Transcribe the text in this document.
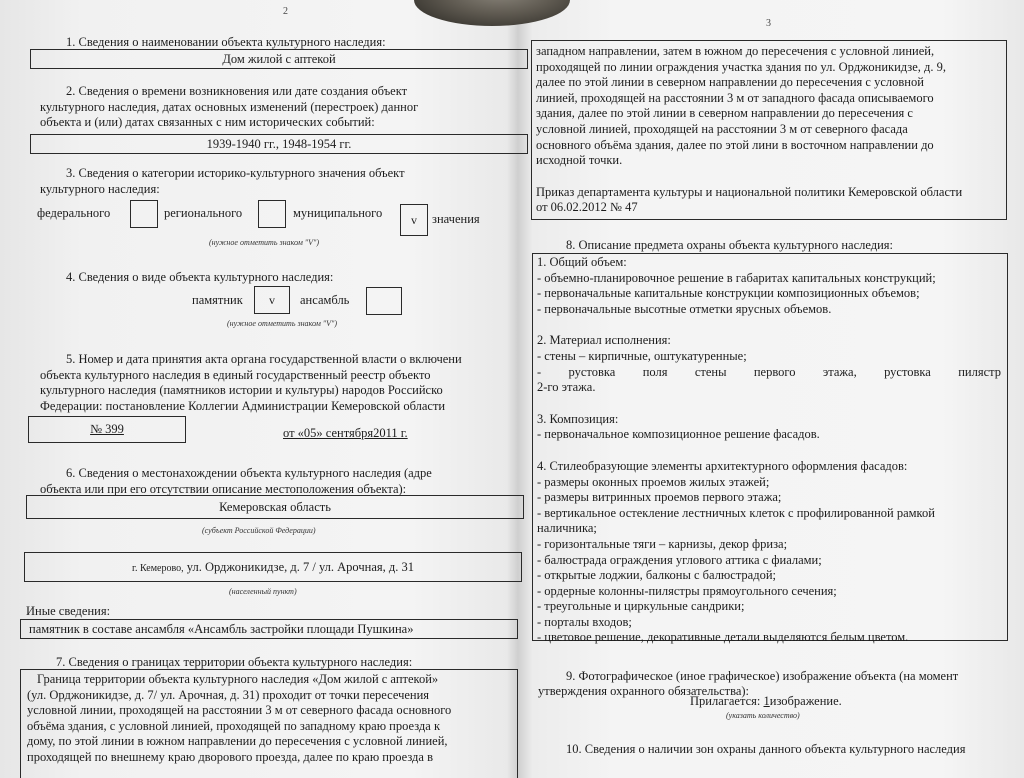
2
1. Сведения о наименовании объекта культурного наследия:
Дом жилой с аптекой
2. Сведения о времени возникновения или дате создания объект
культурного наследия, датах основных изменений (перестроек) данног
объекта и (или) датах связанных с ним исторических событий:
1939-1940 гг., 1948-1954 гг.
3. Сведения о категории историко-культурного значения объект
культурного наследия:
федерального	регионального	муниципального	v	значения
(нужное отметить знаком "V")
4. Сведения о виде объекта культурного наследия:
памятник	v	ансамбль
(нужное отметить знаком "V")
5. Номер и дата принятия акта органа государственной власти о включени
объекта культурного наследия в единый государственный реестр объекто
культурного наследия (памятников истории и культуры) народов Российско
Федерации: постановление Коллегии Администрации Кемеровской области
№ 399	от «05» сентября2011 г.
6. Сведения о местонахождении объекта культурного наследия (адре
объекта или при его отсутствии описание местоположения объекта):
Кемеровская область
(субъект Российской Федерации)
г. Кемерово, ул. Орджоникидзе, д. 7 / ул. Арочная, д. 31
(населенный пункт)
Иные сведения:
памятник в составе ансамбля «Ансамбль застройки площади Пушкина»
7. Сведения о границах территории объекта культурного наследия:
Граница территории объекта культурного наследия «Дом жилой с аптекой»
(ул. Орджоникидзе, д. 7/ ул. Арочная, д. 31) проходит от точки пересечения
условной линии, проходящей на расстоянии 3 м от северного фасада основного
объёма здания, с условной линией, проходящей по западному краю проезда к
дому, по этой линии в южном направлении до пересечения с условной линией,
проходящей по внешнему краю дворового проезда, далее по краю проезда в
3
западном направлении, затем в южном до пересечения с условной линией,
проходящей по линии ограждения участка здания по ул. Орджоникидзе, д. 9,
далее по этой линии в северном направлении до пересечения с условной
линией, проходящей на расстоянии 3 м от западного фасада описываемого
здания, далее по этой линии в северном направлении до пересечения с
условной линией, проходящей на расстоянии 3 м от северного фасада
основного объёма здания, далее по этой лини в восточном направлении до
исходной точки.
Приказ департамента культуры и национальной политики Кемеровской области
от 06.02.2012 № 47
8. Описание предмета охраны объекта культурного наследия:
1. Общий объем:
- объемно-планировочное решение в габаритах капитальных конструкций;
- первоначальные капитальные конструкции композиционных объемов;
- первоначальные высотные отметки ярусных объемов.
2. Материал исполнения:
- стены – кирпичные, оштукатуренные;
- рустовка поля стены первого этажа, рустовка пилястр
2-го этажа.
3. Композиция:
- первоначальное композиционное решение фасадов.
4. Стилеобразующие элементы архитектурного оформления фасадов:
- размеры оконных проемов жилых этажей;
- размеры витринных проемов первого этажа;
- вертикальное остекление лестничных клеток с профилированной рамкой
наличника;
- горизонтальные тяги – карнизы, декор фриза;
- балюстрада ограждения углового аттика с фиалами;
- открытые лоджии, балконы с балюстрадой;
- ордерные колонны-пилястры прямоугольного сечения;
- треугольные и циркульные сандрики;
- порталы входов;
- цветовое решение, декоративные детали выделяются белым цветом.
9. Фотографическое (иное графическое) изображение объекта (на момент
утверждения охранного обязательства):
Прилагается: 1изображение.
(указать количество)
10. Сведения о наличии зон охраны данного объекта культурного наследия
